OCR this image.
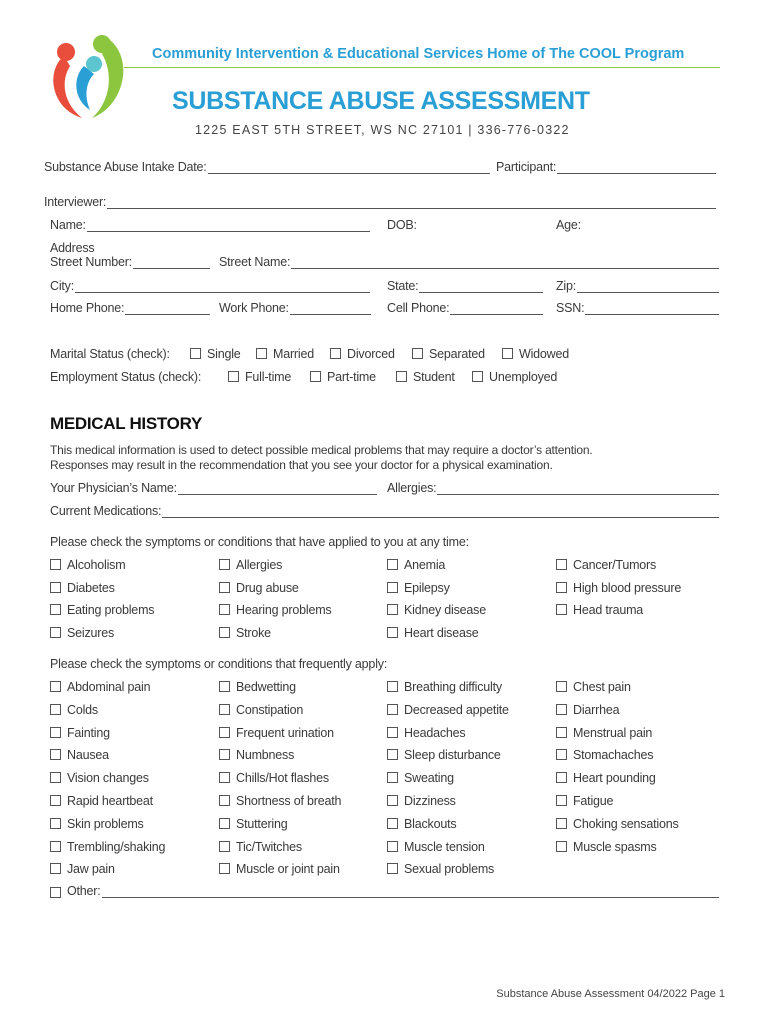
Community Intervention & Educational Services Home of The COOL Program
SUBSTANCE ABUSE ASSESSMENT
1225 EAST 5TH STREET, WS NC 27101 | 336-776-0322
Substance Abuse Intake Date:	Participant:
Interviewer:
Name:	DOB:	Age:
Address
Street Number:	Street Name:
City:	State:	Zip:
Home Phone:	Work Phone:	Cell Phone:	SSN:
Marital Status (check):	Single	Married	Divorced	Separated	Widowed
Employment Status (check):	Full-time	Part-time	Student	Unemployed
MEDICAL HISTORY
This medical information is used to detect possible medical problems that may require a doctor’s attention.
Responses may result in the recommendation that you see your doctor for a physical examination.
Your Physician’s Name:	Allergies:
Current Medications:
Please check the symptoms or conditions that have applied to you at any time:
Alcoholism	Allergies	Anemia	Cancer/Tumors
Diabetes	Drug abuse	Epilepsy	High blood pressure
Eating problems	Hearing problems	Kidney disease	Head trauma
Seizures	Stroke	Heart disease
Please check the symptoms or conditions that frequently apply:
Abdominal pain	Bedwetting	Breathing difficulty	Chest pain
Colds	Constipation	Decreased appetite	Diarrhea
Fainting	Frequent urination	Headaches	Menstrual pain
Nausea	Numbness	Sleep disturbance	Stomachaches
Vision changes	Chills/Hot flashes	Sweating	Heart pounding
Rapid heartbeat	Shortness of breath	Dizziness	Fatigue
Skin problems	Stuttering	Blackouts	Choking sensations
Trembling/shaking	Tic/Twitches	Muscle tension	Muscle spasms
Jaw pain	Muscle or joint pain	Sexual problems
Other:
Substance Abuse Assessment 04/2022 Page 1
